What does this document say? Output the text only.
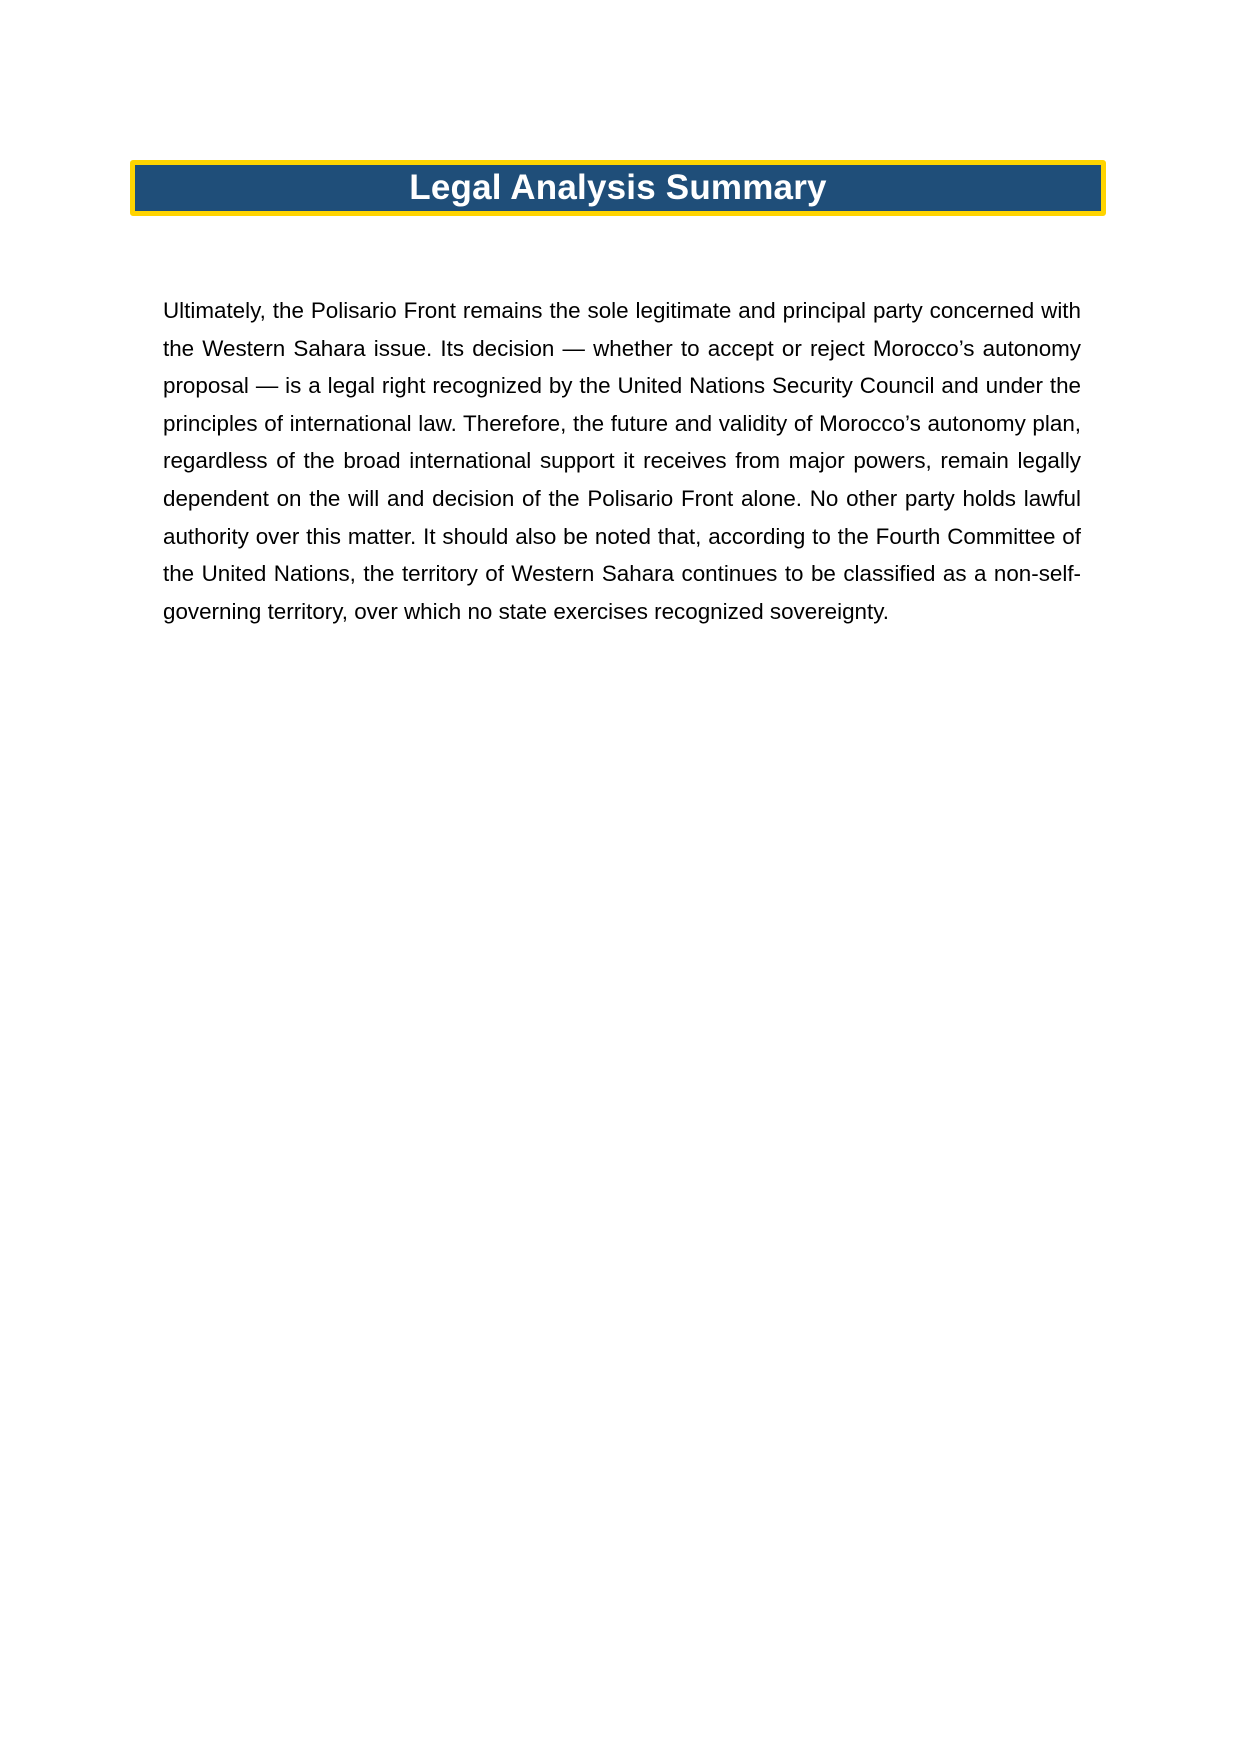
Legal Analysis Summary

Ultimately, the Polisario Front remains the sole legitimate and principal party concerned with the Western Sahara issue. Its decision — whether to accept or reject Morocco’s autonomy proposal — is a legal right recognized by the United Nations Security Council and under the principles of international law. Therefore, the future and validity of Morocco’s autonomy plan, regardless of the broad international support it receives from major powers, remain legally dependent on the will and decision of the Polisario Front alone. No other party holds lawful authority over this matter. It should also be noted that, according to the Fourth Committee of the United Nations, the territory of Western Sahara continues to be classified as a non-self-governing territory, over which no state exercises recognized sovereignty.
